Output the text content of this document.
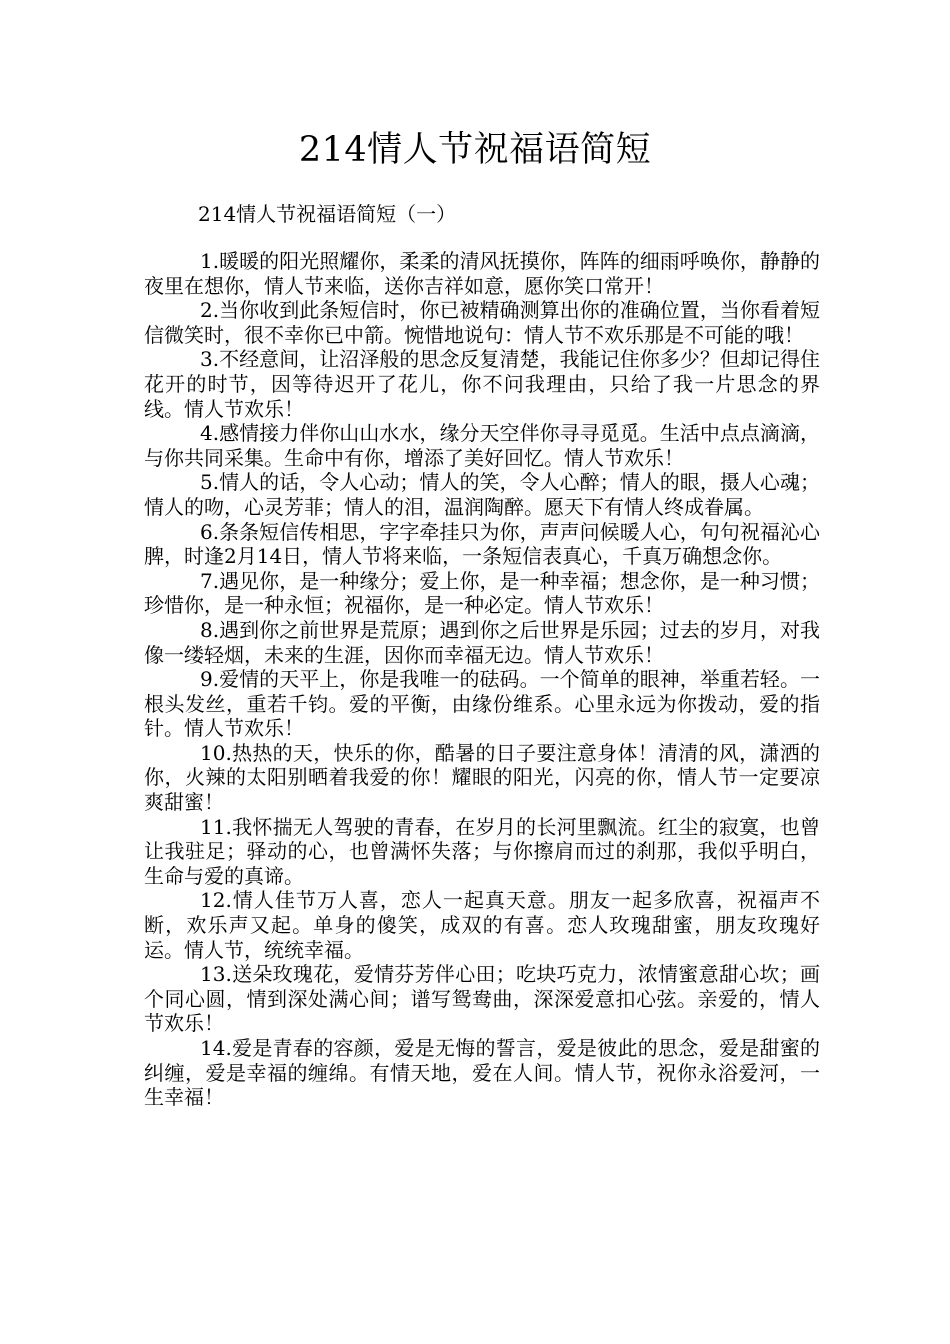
214情人节祝福语简短
214情人节祝福语简短（一）

1.暖暖的阳光照耀你，柔柔的清风抚摸你，阵阵的细雨呼唤你，静静的夜里在想你，情人节来临，送你吉祥如意，愿你笑口常开！

2.当你收到此条短信时，你已被精确测算出你的准确位置，当你看着短信微笑时，很不幸你已中箭。惋惜地说句：情人节不欢乐那是不可能的哦！

3.不经意间，让沼泽般的思念反复清楚，我能记住你多少？但却记得住花开的时节，因等待迟开了花儿，你不问我理由，只给了我一片思念的界线。情人节欢乐！

4.感情接力伴你山山水水，缘分天空伴你寻寻觅觅。生活中点点滴滴，与你共同采集。生命中有你，增添了美好回忆。情人节欢乐！

5.情人的话，令人心动；情人的笑，令人心醉；情人的眼，摄人心魂；情人的吻，心灵芳菲；情人的泪，温润陶醉。愿天下有情人终成眷属。

6.条条短信传相思，字字牵挂只为你，声声问候暖人心，句句祝福沁心脾，时逢2月14日，情人节将来临，一条短信表真心，千真万确想念你。

7.遇见你，是一种缘分；爱上你，是一种幸福；想念你，是一种习惯；珍惜你，是一种永恒；祝福你，是一种必定。情人节欢乐！

8.遇到你之前世界是荒原；遇到你之后世界是乐园；过去的岁月，对我像一缕轻烟，未来的生涯，因你而幸福无边。情人节欢乐！

9.爱情的天平上，你是我唯一的砝码。一个简单的眼神，举重若轻。一根头发丝，重若千钧。爱的平衡，由缘份维系。心里永远为你拨动，爱的指针。情人节欢乐！

10.热热的天，快乐的你，酷暑的日子要注意身体！清清的风，潇洒的你，火辣的太阳别晒着我爱的你！耀眼的阳光，闪亮的你，情人节一定要凉爽甜蜜！

11.我怀揣无人驾驶的青春，在岁月的长河里飘流。红尘的寂寞，也曾让我驻足；驿动的心，也曾满怀失落；与你擦肩而过的刹那，我似乎明白，生命与爱的真谛。

12.情人佳节万人喜，恋人一起真天意。朋友一起多欣喜，祝福声不断，欢乐声又起。单身的傻笑，成双的有喜。恋人玫瑰甜蜜，朋友玫瑰好运。情人节，统统幸福。

13.送朵玫瑰花，爱情芬芳伴心田；吃块巧克力，浓情蜜意甜心坎；画个同心圆，情到深处满心间；谱写鸳鸯曲，深深爱意扣心弦。亲爱的，情人节欢乐！

14.爱是青春的容颜，爱是无悔的誓言，爱是彼此的思念，爱是甜蜜的纠缠，爱是幸福的缠绵。有情天地，爱在人间。情人节，祝你永浴爱河，一生幸福！
